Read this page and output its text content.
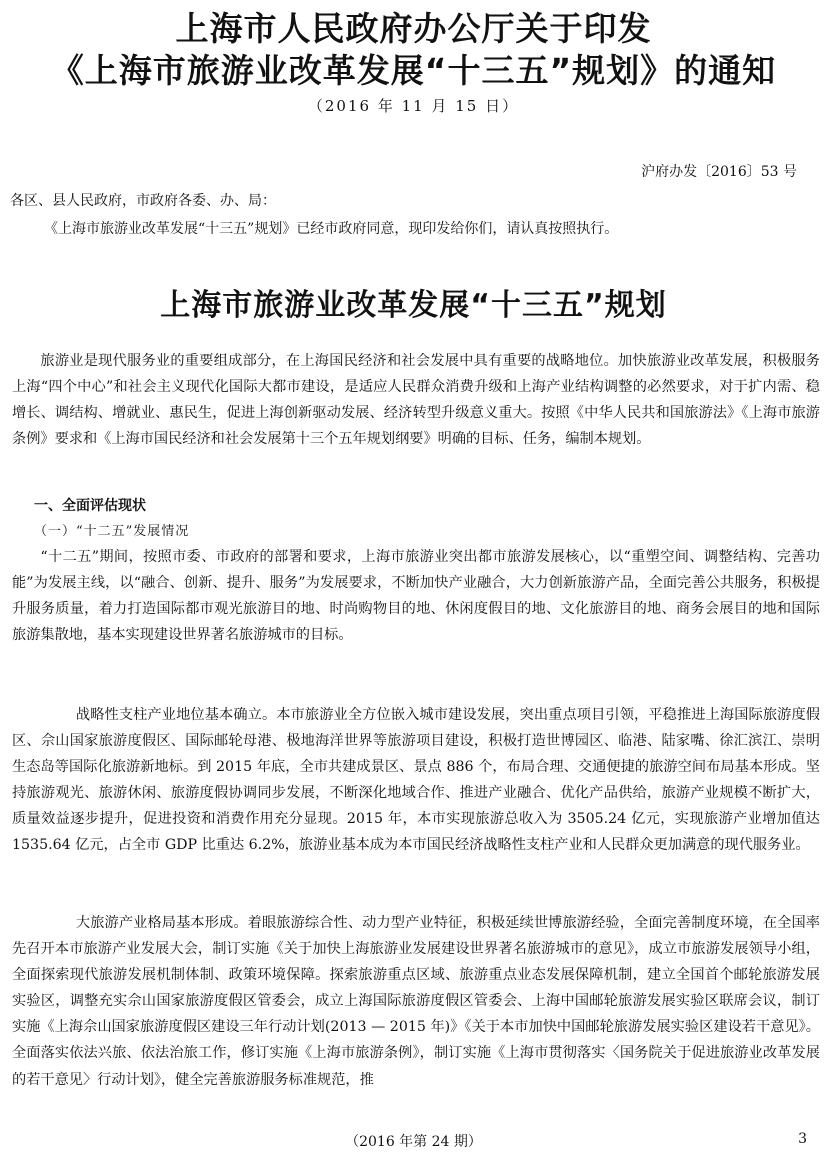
上海市人民政府办公厅关于印发
《上海市旅游业改革发展“十三五”规划》的通知
（2016 年 11 月 15 日）
沪府办发〔2016〕53 号
各区、县人民政府，市政府各委、办、局：
《上海市旅游业改革发展“十三五”规划》已经市政府同意，现印发给你们，请认真按照执行。
上海市旅游业改革发展“十三五”规划

旅游业是现代服务业的重要组成部分，在上海国民经济和社会发展中具有重要的战略地位。加快旅游业改革发展，积极服务上海“四个中心”和社会主义现代化国际大都市建设，是适应人民群众消费升级和上海产业结构调整的必然要求，对于扩内需、稳增长、调结构、增就业、惠民生，促进上海创新驱动发展、经济转型升级意义重大。按照《中华人民共和国旅游法》《上海市旅游条例》要求和《上海市国民经济和社会发展第十三个五年规划纲要》明确的目标、任务，编制本规划。

一、全面评估现状
（一）“十二五”发展情况

“十二五”期间，按照市委、市政府的部署和要求，上海市旅游业突出都市旅游发展核心，以“重塑空间、调整结构、完善功能”为发展主线，以“融合、创新、提升、服务”为发展要求，不断加快产业融合，大力创新旅游产品，全面完善公共服务，积极提升服务质量，着力打造国际都市观光旅游目的地、时尚购物目的地、休闲度假目的地、文化旅游目的地、商务会展目的地和国际旅游集散地，基本实现建设世界著名旅游城市的目标。

战略性支柱产业地位基本确立。本市旅游业全方位嵌入城市建设发展，突出重点项目引领，平稳推进上海国际旅游度假区、佘山国家旅游度假区、国际邮轮母港、极地海洋世界等旅游项目建设，积极打造世博园区、临港、陆家嘴、徐汇滨江、崇明生态岛等国际化旅游新地标。到 2015 年底，全市共建成景区、景点 886 个，布局合理、交通便捷的旅游空间布局基本形成。坚持旅游观光、旅游休闲、旅游度假协调同步发展，不断深化地域合作、推进产业融合、优化产品供给，旅游产业规模不断扩大，质量效益逐步提升，促进投资和消费作用充分显现。2015 年，本市实现旅游总收入为 3505.24 亿元，实现旅游产业增加值达 1535.64 亿元，占全市 GDP 比重达 6.2%，旅游业基本成为本市国民经济战略性支柱产业和人民群众更加满意的现代服务业。

大旅游产业格局基本形成。着眼旅游综合性、动力型产业特征，积极延续世博旅游经验，全面完善制度环境，在全国率先召开本市旅游产业发展大会，制订实施《关于加快上海旅游业发展建设世界著名旅游城市的意见》，成立市旅游发展领导小组，全面探索现代旅游发展机制体制、政策环境保障。探索旅游重点区域、旅游重点业态发展保障机制，建立全国首个邮轮旅游发展实验区，调整充实佘山国家旅游度假区管委会，成立上海国际旅游度假区管委会、上海中国邮轮旅游发展实验区联席会议，制订实施《上海佘山国家旅游度假区建设三年行动计划(2013 — 2015 年)》《关于本市加快中国邮轮旅游发展实验区建设若干意见》。全面落实依法兴旅、依法治旅工作，修订实施《上海市旅游条例》，制订实施《上海市贯彻落实〈国务院关于促进旅游业改革发展的若干意见〉行动计划》，健全完善旅游服务标准规范，推

（2016 年第 24 期）	3
